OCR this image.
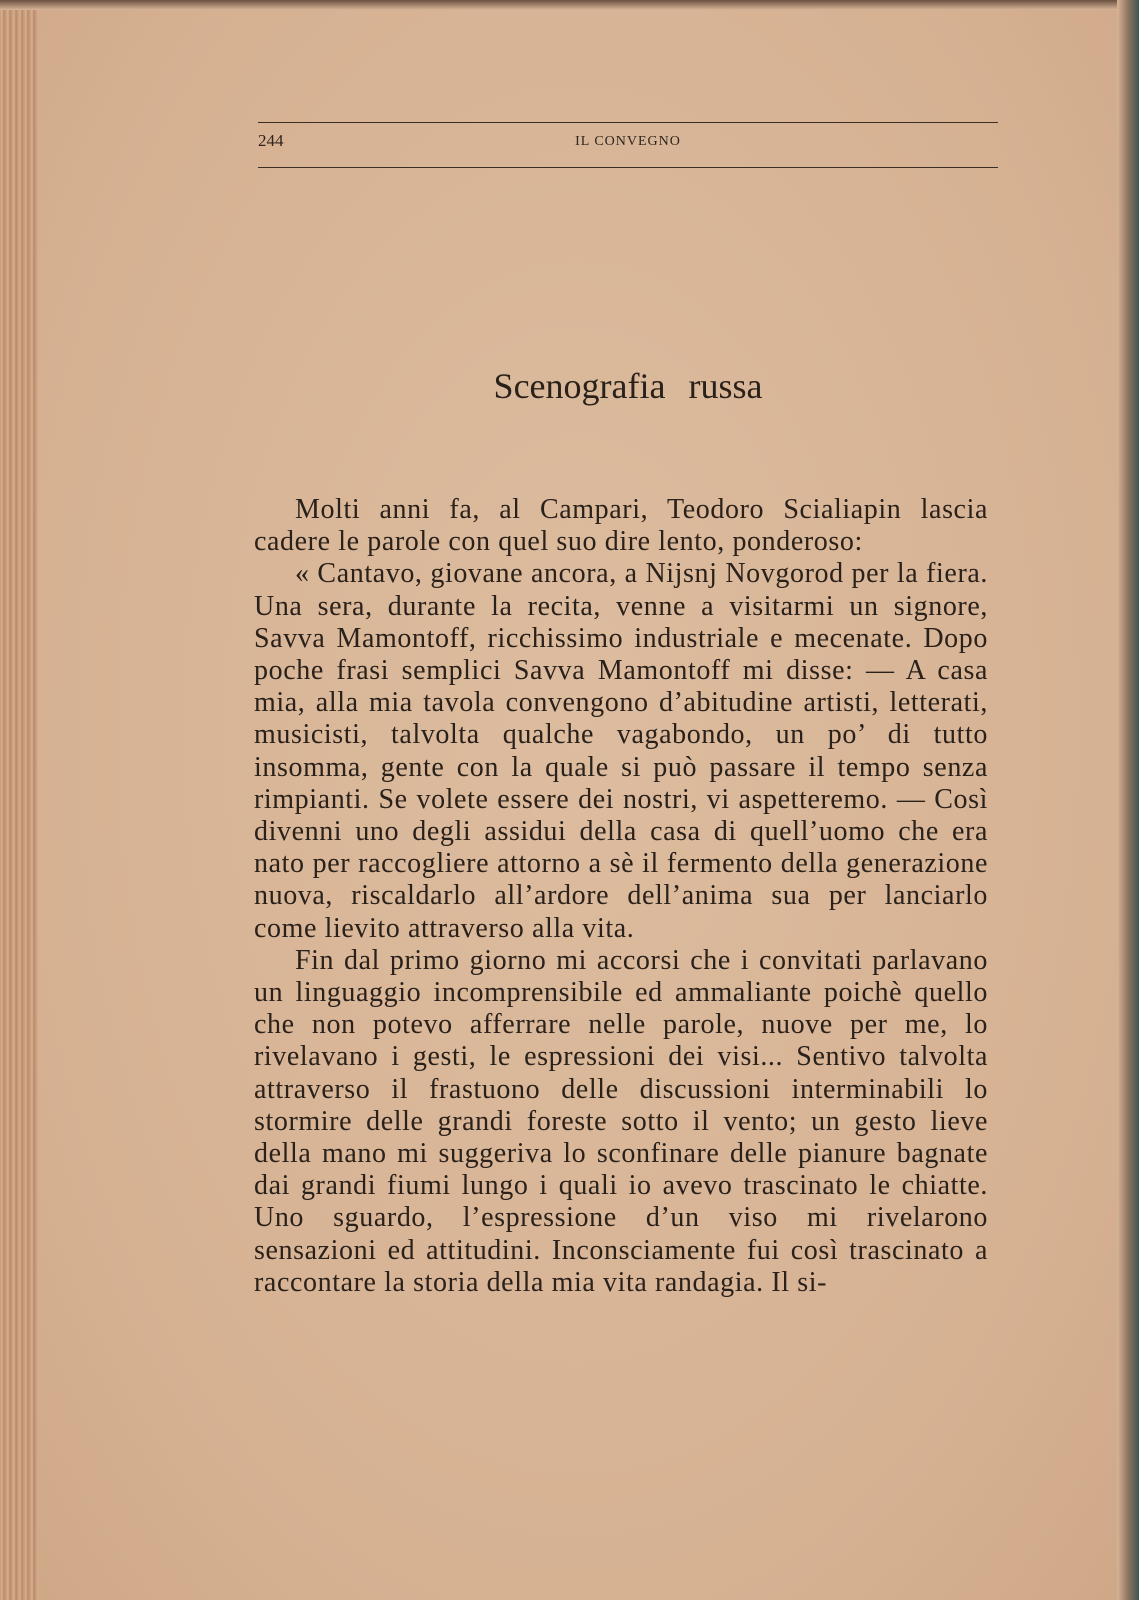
244	IL CONVEGNO
Scenografia russa

Molti anni fa, al Campari, Teodoro Scialiapin lascia cadere le parole con quel suo dire lento, ponderoso:

« Cantavo, giovane ancora, a Nijsnj Novgorod per la fiera. Una sera, durante la recita, venne a visitarmi un signore, Savva Mamontoff, ricchissimo industriale e mecenate. Dopo poche frasi semplici Savva Mamontoff mi disse: — A casa mia, alla mia tavola convengono d’abitudine artisti, letterati, musicisti, talvolta qualche vagabondo, un po’ di tutto insomma, gente con la quale si può passare il tempo senza rimpianti. Se volete essere dei nostri, vi aspetteremo. — Così divenni uno degli assidui della casa di quell’uomo che era nato per raccogliere attorno a sè il fermento della generazione nuova, riscaldarlo all’ardore dell’anima sua per lanciarlo come lievito attraverso alla vita.

Fin dal primo giorno mi accorsi che i convitati parlavano un linguaggio incomprensibile ed ammaliante poichè quello che non potevo afferrare nelle parole, nuove per me, lo rivelavano i gesti, le espressioni dei visi... Sentivo talvolta attraverso il frastuono delle discussioni interminabili lo stormire delle grandi foreste sotto il vento; un gesto lieve della mano mi suggeriva lo sconfinare delle pianure bagnate dai grandi fiumi lungo i quali io avevo trascinato le chiatte. Uno sguardo, l’espressione d’un viso mi rivelarono sensazioni ed attitudini. Inconsciamente fui così trascinato a raccontare la storia della mia vita randagia. Il si-
